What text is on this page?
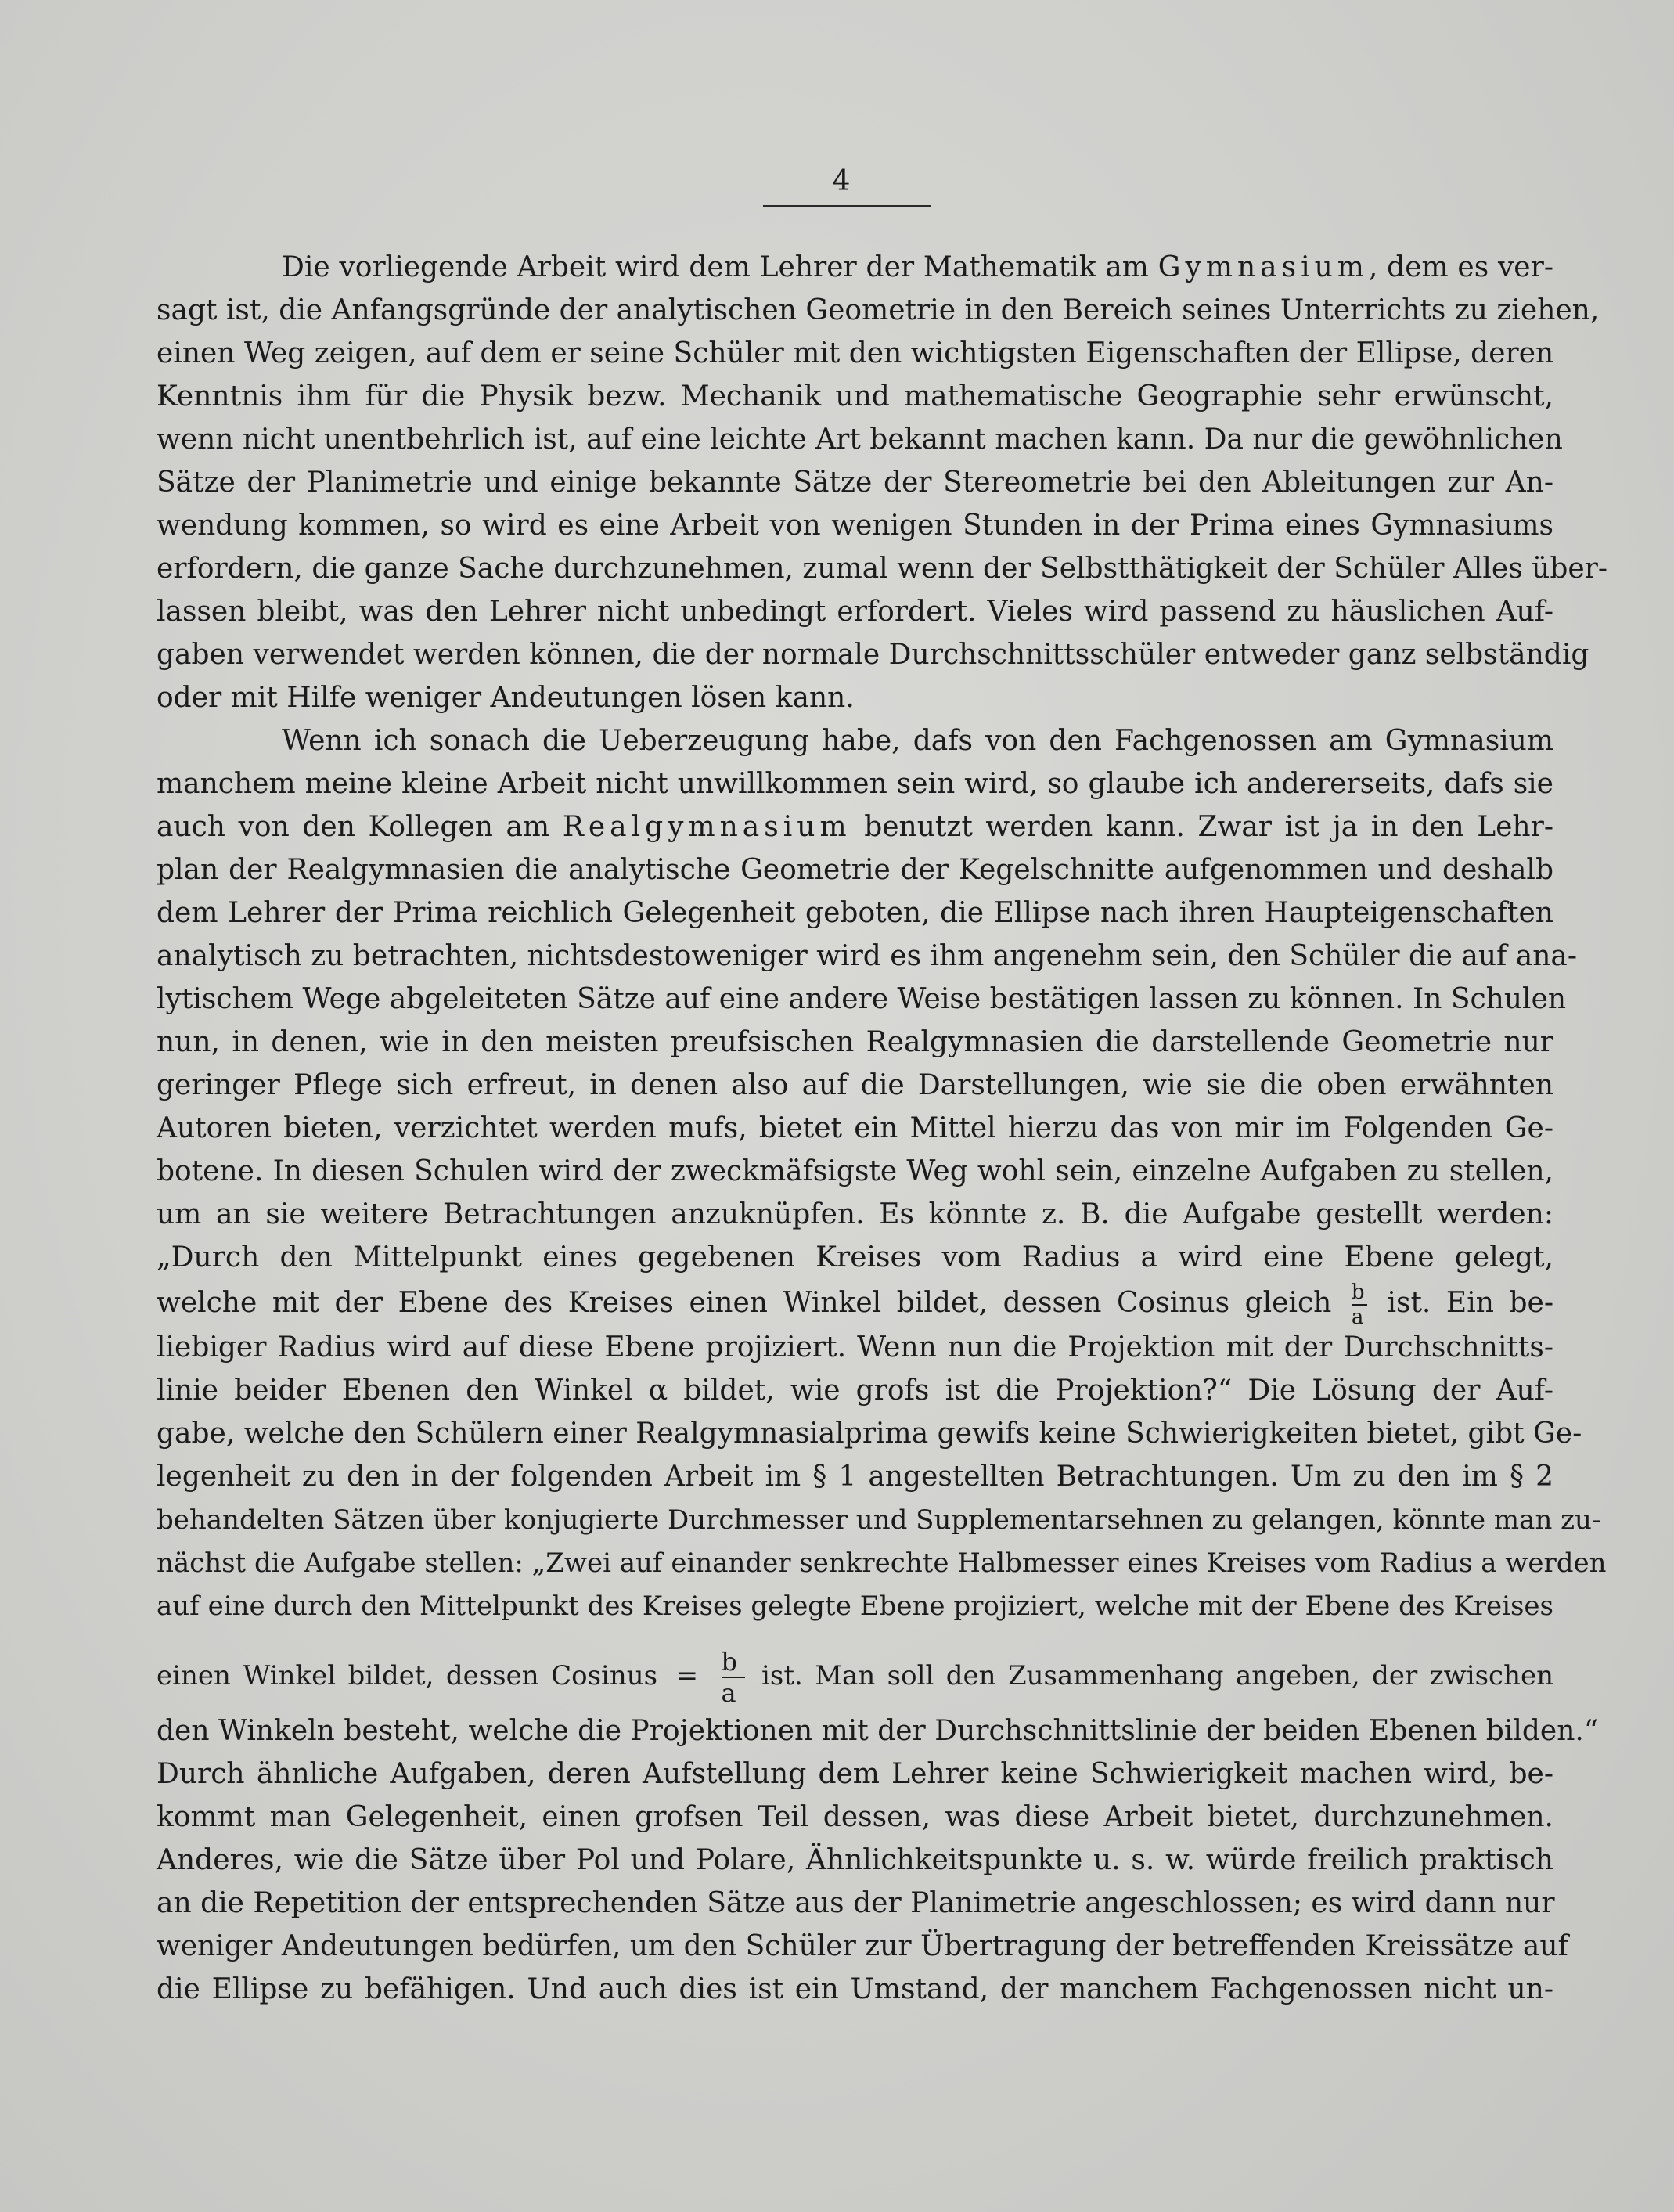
4
Die vorliegende Arbeit wird dem Lehrer der Mathematik am Gymnasium, dem es ver-
sagt ist, die Anfangsgründe der analytischen Geometrie in den Bereich seines Unterrichts zu ziehen,
einen Weg zeigen, auf dem er seine Schüler mit den wichtigsten Eigenschaften der Ellipse, deren
Kenntnis ihm für die Physik bezw. Mechanik und mathematische Geographie sehr erwünscht,
wenn nicht unentbehrlich ist, auf eine leichte Art bekannt machen kann. Da nur die gewöhnlichen
Sätze der Planimetrie und einige bekannte Sätze der Stereometrie bei den Ableitungen zur An-
wendung kommen, so wird es eine Arbeit von wenigen Stunden in der Prima eines Gymnasiums
erfordern, die ganze Sache durchzunehmen, zumal wenn der Selbstthätigkeit der Schüler Alles über-
lassen bleibt, was den Lehrer nicht unbedingt erfordert. Vieles wird passend zu häuslichen Auf-
gaben verwendet werden können, die der normale Durchschnittsschüler entweder ganz selbständig
oder mit Hilfe weniger Andeutungen lösen kann.
Wenn ich sonach die Ueberzeugung habe, dafs von den Fachgenossen am Gymnasium
manchem meine kleine Arbeit nicht unwillkommen sein wird, so glaube ich andererseits, dafs sie
auch von den Kollegen am Realgymnasium benutzt werden kann. Zwar ist ja in den Lehr-
plan der Realgymnasien die analytische Geometrie der Kegelschnitte aufgenommen und deshalb
dem Lehrer der Prima reichlich Gelegenheit geboten, die Ellipse nach ihren Haupteigenschaften
analytisch zu betrachten, nichtsdestoweniger wird es ihm angenehm sein, den Schüler die auf ana-
lytischem Wege abgeleiteten Sätze auf eine andere Weise bestätigen lassen zu können. In Schulen
nun, in denen, wie in den meisten preufsischen Realgymnasien die darstellende Geometrie nur
geringer Pflege sich erfreut, in denen also auf die Darstellungen, wie sie die oben erwähnten
Autoren bieten, verzichtet werden mufs, bietet ein Mittel hierzu das von mir im Folgenden Ge-
botene. In diesen Schulen wird der zweckmäfsigste Weg wohl sein, einzelne Aufgaben zu stellen,
um an sie weitere Betrachtungen anzuknüpfen. Es könnte z. B. die Aufgabe gestellt werden:
„Durch den Mittelpunkt eines gegebenen Kreises vom Radius a wird eine Ebene gelegt,
welche mit der Ebene des Kreises einen Winkel bildet, dessen Cosinus gleich $\frac{b}{a}$ ist. Ein be-
liebiger Radius wird auf diese Ebene projiziert. Wenn nun die Projektion mit der Durchschnitts-
linie beider Ebenen den Winkel α bildet, wie grofs ist die Projektion?“ Die Lösung der Auf-
gabe, welche den Schülern einer Realgymnasialprima gewifs keine Schwierigkeiten bietet, gibt Ge-
legenheit zu den in der folgenden Arbeit im § 1 angestellten Betrachtungen. Um zu den im § 2
behandelten Sätzen über konjugierte Durchmesser und Supplementarsehnen zu gelangen, könnte man zu-
nächst die Aufgabe stellen: „Zwei auf einander senkrechte Halbmesser eines Kreises vom Radius a werden
auf eine durch den Mittelpunkt des Kreises gelegte Ebene projiziert, welche mit der Ebene des Kreises
einen Winkel bildet, dessen Cosinus = $\frac{b}{a}$ ist. Man soll den Zusammenhang angeben, der zwischen
den Winkeln besteht, welche die Projektionen mit der Durchschnittslinie der beiden Ebenen bilden.“
Durch ähnliche Aufgaben, deren Aufstellung dem Lehrer keine Schwierigkeit machen wird, be-
kommt man Gelegenheit, einen grofsen Teil dessen, was diese Arbeit bietet, durchzunehmen.
Anderes, wie die Sätze über Pol und Polare, Ähnlichkeitspunkte u. s. w. würde freilich praktisch
an die Repetition der entsprechenden Sätze aus der Planimetrie angeschlossen; es wird dann nur
weniger Andeutungen bedürfen, um den Schüler zur Übertragung der betreffenden Kreissätze auf
die Ellipse zu befähigen. Und auch dies ist ein Umstand, der manchem Fachgenossen nicht un-
